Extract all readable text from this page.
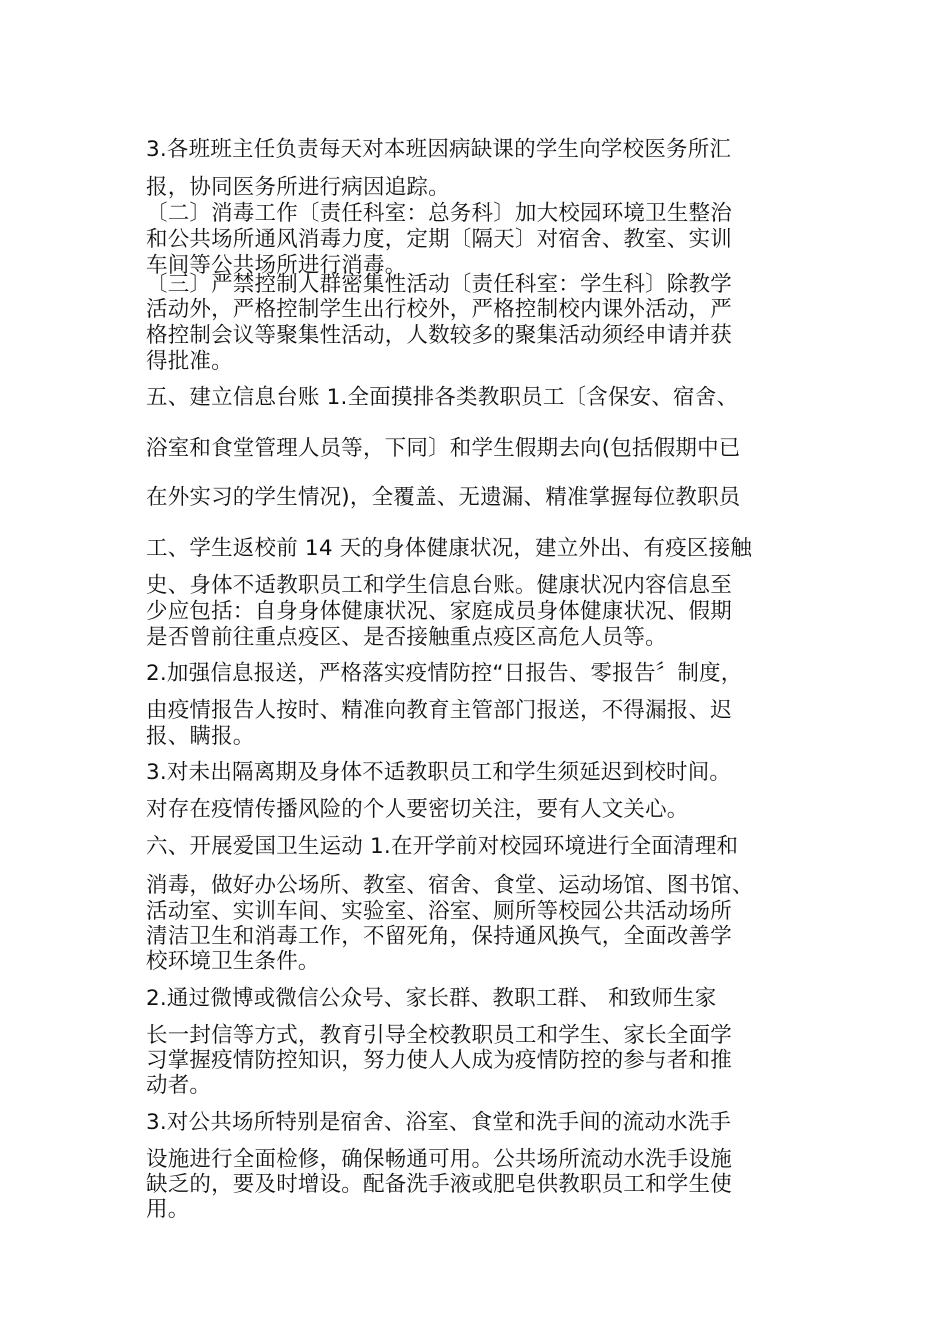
3.各班班主任负责每天对本班因病缺课的学生向学校医务所汇
报，协同医务所进行病因追踪。
〔二〕消毒工作〔责任科室：总务科〕加大校园环境卫生整治
和公共场所通风消毒力度，定期〔隔天〕对宿舍、教室、实训
车间等公共场所进行消毒。
〔三〕严禁控制人群密集性活动〔责任科室：学生科〕除教学
活动外，严格控制学生出行校外，严格控制校内课外活动，严
格控制会议等聚集性活动，人数较多的聚集活动须经申请并获
得批准。
五、建立信息台账 1.全面摸排各类教职员工〔含保安、宿舍、
浴室和食堂管理人员等，下同〕和学生假期去向(包括假期中已
在外实习的学生情况)，全覆盖、无遗漏、精准掌握每位教职员
工、学生返校前 14 天的身体健康状况，建立外出、有疫区接触
史、身体不适教职员工和学生信息台账。健康状况内容信息至
少应包括：自身身体健康状况、家庭成员身体健康状况、假期
是否曾前往重点疫区、是否接触重点疫区高危人员等。
2.加强信息报送，严格落实疫情防控“日报告、零报告〞制度，
由疫情报告人按时、精准向教育主管部门报送，不得漏报、迟
报、瞒报。
3.对未出隔离期及身体不适教职员工和学生须延迟到校时间。
对存在疫情传播风险的个人要密切关注，要有人文关心。
六、开展爱国卫生运动 1.在开学前对校园环境进行全面清理和
消毒，做好办公场所、教室、宿舍、食堂、运动场馆、图书馆、
活动室、实训车间、实验室、浴室、厕所等校园公共活动场所
清洁卫生和消毒工作，不留死角，保持通风换气，全面改善学
校环境卫生条件。
2.通过微博或微信公众号、家长群、教职工群、 和致师生家
长一封信等方式，教育引导全校教职员工和学生、家长全面学
习掌握疫情防控知识，努力使人人成为疫情防控的参与者和推
动者。
3.对公共场所特别是宿舍、浴室、食堂和洗手间的流动水洗手
设施进行全面检修，确保畅通可用。公共场所流动水洗手设施
缺乏的，要及时增设。配备洗手液或肥皂供教职员工和学生使
用。
